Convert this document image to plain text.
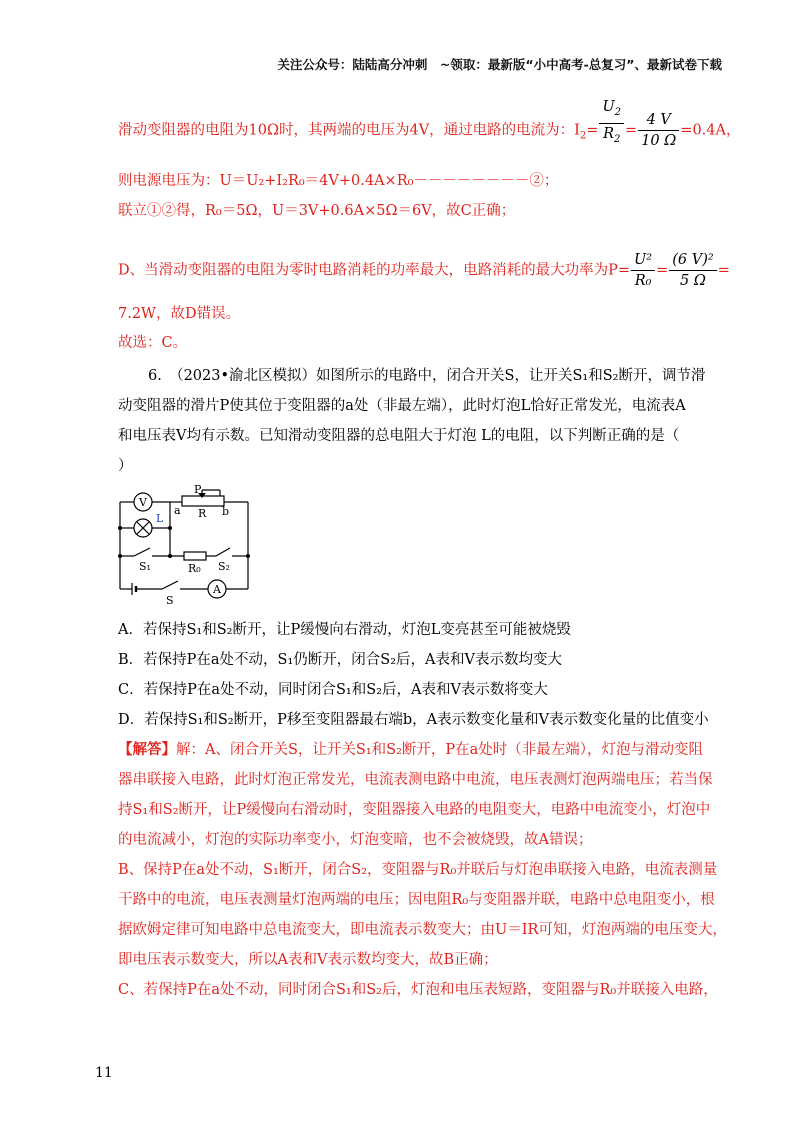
关注公众号：陆陆高分冲刺　~领取：最新版“小中高考-总复习”、最新试卷下载
滑动变阻器的电阻为10Ω时，其两端的电压为4V，通过电路的电流为：$I_2= \frac{U_2}{R_2} = \frac{4 V}{10 \Omega} =0.4A$，
则电源电压为：U＝U₂+I₂R₀＝4V+0.4A×R₀－－－－－－－－②；
联立①②得，R₀＝5Ω，U＝3V+0.6A×5Ω＝6V，故C正确；
D、当滑动变阻器的电阻为零时电路消耗的功率最大，电路消耗的最大功率为$P= \frac{\text{U²}}{\text{R₀}} = \frac{\text{(6 V)²}}{5 \Omega}$ =
7.2W，故D错误。
故选：C。
6.　（2023•渝北区模拟）如图所示的电路中，闭合开关S，让开关S₁和S₂断开，调节滑
动变阻器的滑片P使其位于变阻器的a处（非最左端），此时灯泡L恰好正常发光，电流表A
和电压表V均有示数。已知滑动变阻器的总电阻大于灯泡 L的电阻，以下判断正确的是（
）
V
L
P
a R b
S₁	R₀ S₂
S
A
A．若保持S₁和S₂断开，让P缓慢向右滑动，灯泡L变亮甚至可能被烧毁
B．若保持P在a处不动，S₁仍断开，闭合S₂后，A表和V表示数均变大
C．若保持P在a处不动，同时闭合S₁和S₂后，A表和V表示数将变大
D．若保持S₁和S₂断开，P移至变阻器最右端b，A表示数变化量和V表示数变化量的比值变小
【解答】解：A、闭合开关S，让开关S₁和S₂断开，P在a处时（非最左端），灯泡与滑动变阻
器串联接入电路，此时灯泡正常发光，电流表测电路中电流，电压表测灯泡两端电压；若当保
持S₁和S₂断开，让P缓慢向右滑动时，变阻器接入电路的电阻变大，电路中电流变小，灯泡中
的电流减小，灯泡的实际功率变小，灯泡变暗，也不会被烧毁，故A错误；
B、保持P在a处不动，S₁断开，闭合S₂，变阻器与R₀并联后与灯泡串联接入电路，电流表测量
干路中的电流，电压表测量灯泡两端的电压；因电阻R₀与变阻器并联，电路中总电阻变小，根
据欧姆定律可知电路中总电流变大，即电流表示数变大；由U＝IR可知，灯泡两端的电压变大，
即电压表示数变大，所以A表和V表示数均变大，故B正确；
C、若保持P在a处不动，同时闭合S₁和S₂后，灯泡和电压表短路，变阻器与R₀并联接入电路，
11
